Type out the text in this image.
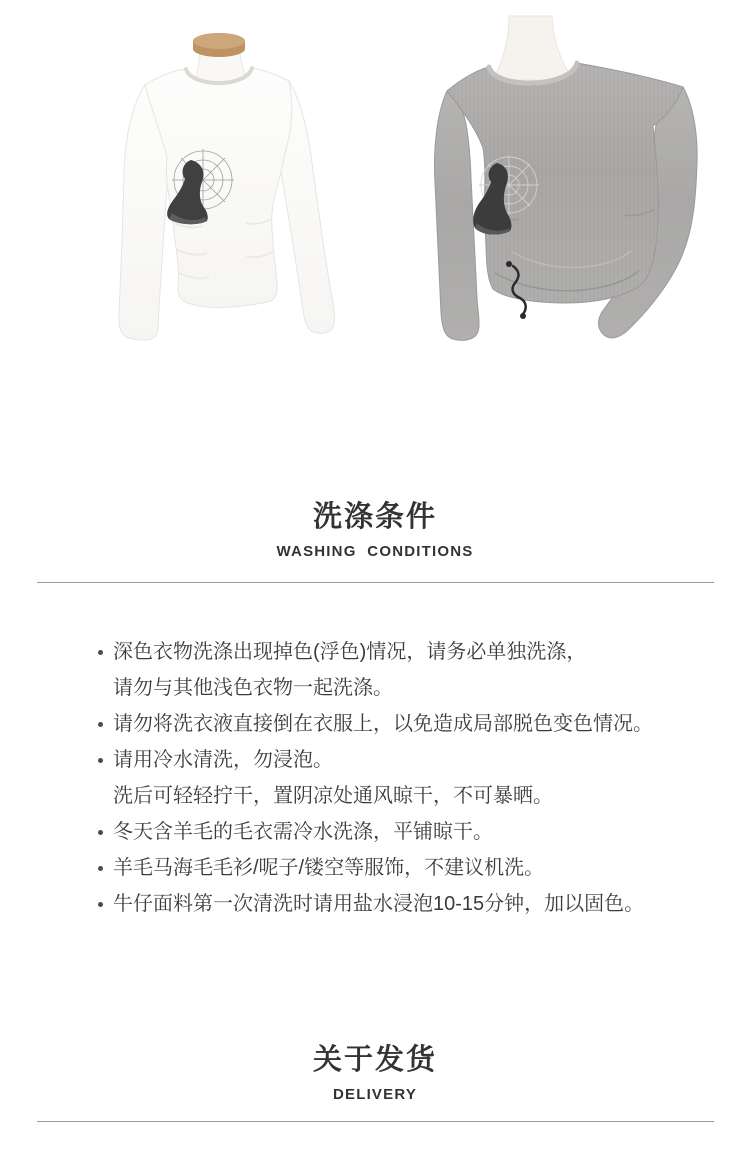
洗涤条件
WASHING  CONDITIONS
深色衣物洗涤出现掉色(浮色)情况，请务必单独洗涤，
请勿与其他浅色衣物一起洗涤。
请勿将洗衣液直接倒在衣服上，以免造成局部脱色变色情况。
请用冷水清洗，勿浸泡。
洗后可轻轻拧干，置阴凉处通风晾干，不可暴晒。
冬天含羊毛的毛衣需冷水洗涤，平铺晾干。
羊毛马海毛毛衫/呢子/镂空等服饰，不建议机洗。
牛仔面料第一次清洗时请用盐水浸泡10-15分钟，加以固色。
关于发货
DELIVERY
